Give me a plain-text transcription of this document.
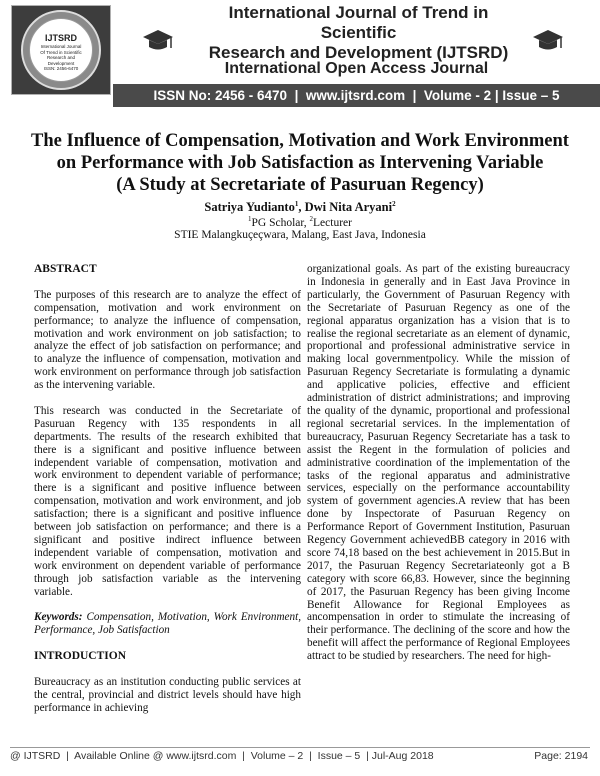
IJTSRD
International Journal
Of Trend in Scientific
Research and
Development
ISSN: 2456-6470
International Journal of Trend in Scientific
Research and Development (IJTSRD)
International Open Access Journal
ISSN No: 2456 - 6470  |  www.ijtsrd.com  |  Volume - 2 | Issue – 5
The Influence of Compensation, Motivation and Work Environment
on Performance with Job Satisfaction as Intervening Variable
(A Study at Secretariate of Pasuruan Regency)
Satriya Yudianto$^1$, Dwi Nita Aryani$^2$
$^1$PG Scholar, $^2$Lecturer
STIE Malangkuçeçwara, Malang, East Java, Indonesia

ABSTRACT

The purposes of this research are to analyze the effect of compensation, motivation and work environment on performance; to analyze the influence of compensation, motivation and work environment on job satisfaction; to analyze the effect of job satisfaction on performance; and to analyze the influence of compensation, motivation and work environment on performance through job satisfaction as the intervening variable.

This research was conducted in the Secretariate of Pasuruan Regency with 135 respondents in all departments. The results of the research exhibited that there is a significant and positive influence between independent variable of compensation, motivation and work environment to dependent variable of performance; there is a significant and positive influence between compensation, motivation and work environment, and job satisfaction; there is a significant and positive influence between job satisfaction on performance; and there is a significant and positive indirect influence between independent variable of compensation, motivation and work environment on dependent variable of performance through job satisfaction variable as the intervening variable.

Keywords: Compensation, Motivation, Work Environment, Performance, Job Satisfaction

INTRODUCTION

Bureaucracy as an institution conducting public services at the central, provincial and district levels should have high performance in achieving

organizational goals. As part of the existing bureaucracy in Indonesia in generally and in East Java Province in particularly, the Government of Pasuruan Regency with the Secretariate of Pasuruan Regency as one of the regional apparatus organization has a vision that is to realise the regional secretariate as an element of dynamic, proportional and professional administrative service in making local governmentpolicy. While the mission of Pasuruan Regency Secretariate is formulating a dynamic and applicative policies, effective and efficient administration of district administrations; and improving the quality of the dynamic, proportional and professional regional secretarial services. In the implementation of bureaucracy, Pasuruan Regency Secretariate has a task to assist the Regent in the formulation of policies and administrative coordination of the implementation of the tasks of the regional apparatus and administrative services, especially on the performance accountability system of government agencies.A review that has been done by Inspectorate of Pasuruan Regency on Performance Report of Government Institution, Pasuruan Regency Government achievedBB category in 2016 with score 74,18 based on the best achievement in 2015.But in 2017, the Pasuruan Regency Secretariateonly got a B category with score 66,83. However, since the beginning of 2017, the Pasuruan Regency has been giving Income Benefit Allowance for Regional Employees as ancompensation in order to stimulate the increasing of their performance. The declining of the score and how the benefit will affect the performance of Regional Employees attract to be studied by researchers. The need for high-

@ IJTSRD  |  Available Online @ www.ijtsrd.com  |  Volume – 2  |  Issue – 5  | Jul-Aug 2018	Page: 2194
